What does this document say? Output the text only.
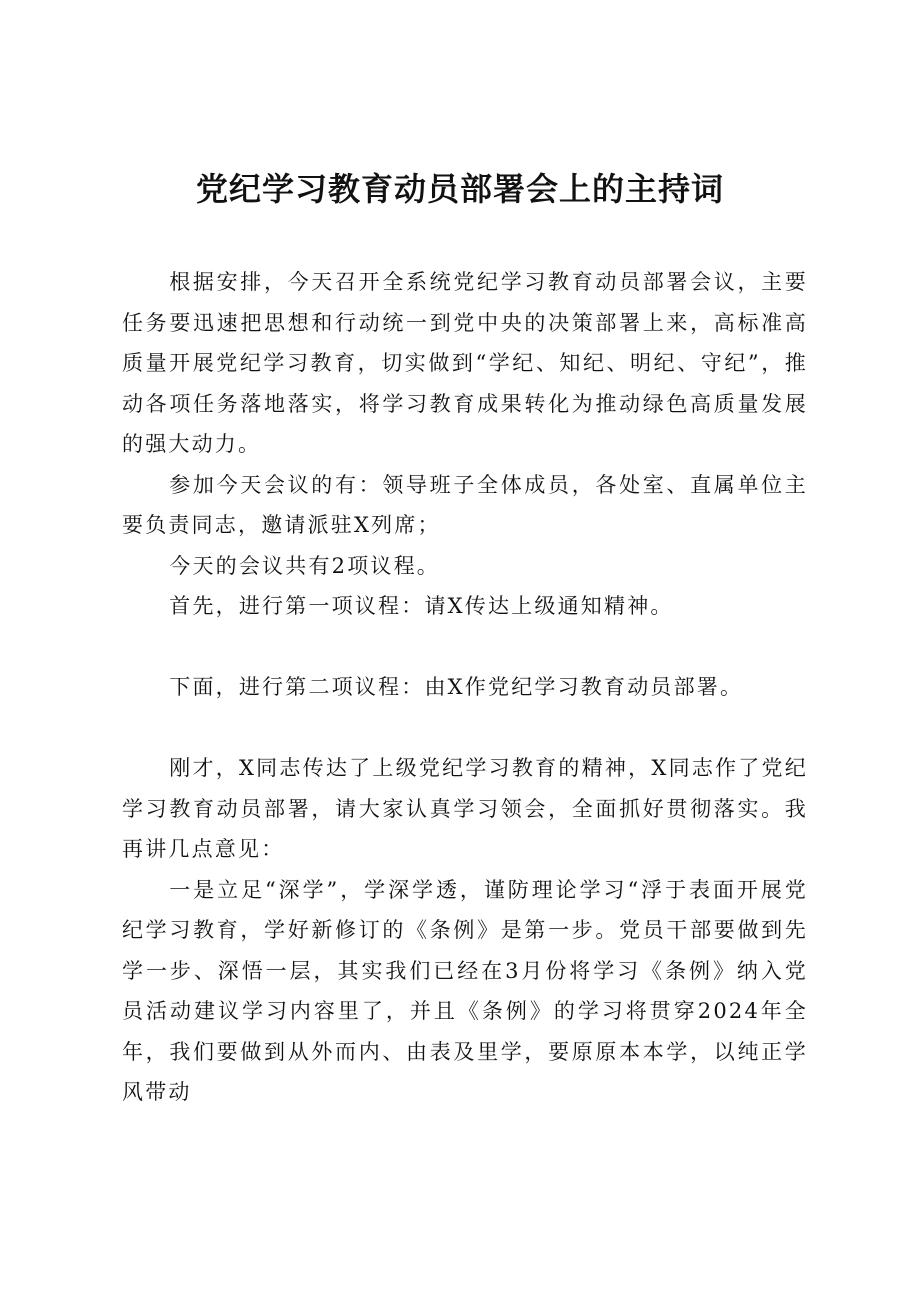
党纪学习教育动员部署会上的主持词

根据安排，今天召开全系统党纪学习教育动员部署会议，主要任务要迅速把思想和行动统一到党中央的决策部署上来，高标准高质量开展党纪学习教育，切实做到“学纪、知纪、明纪、守纪”，推动各项任务落地落实，将学习教育成果转化为推动绿色高质量发展的强大动力。

参加今天会议的有：领导班子全体成员，各处室、直属单位主要负责同志，邀请派驻X列席；

今天的会议共有2项议程。

首先，进行第一项议程：请X传达上级通知精神。

下面，进行第二项议程：由X作党纪学习教育动员部署。

刚才，X同志传达了上级党纪学习教育的精神，X同志作了党纪学习教育动员部署，请大家认真学习领会，全面抓好贯彻落实。我再讲几点意见：

一是立足“深学”，学深学透，谨防理论学习“浮于表面开展党纪学习教育，学好新修订的《条例》是第一步。党员干部要做到先学一步、深悟一层，其实我们已经在3月份将学习《条例》纳入党员活动建议学习内容里了，并且《条例》的学习将贯穿2024年全年，我们要做到从外而内、由表及里学，要原原本本学，以纯正学风带动
